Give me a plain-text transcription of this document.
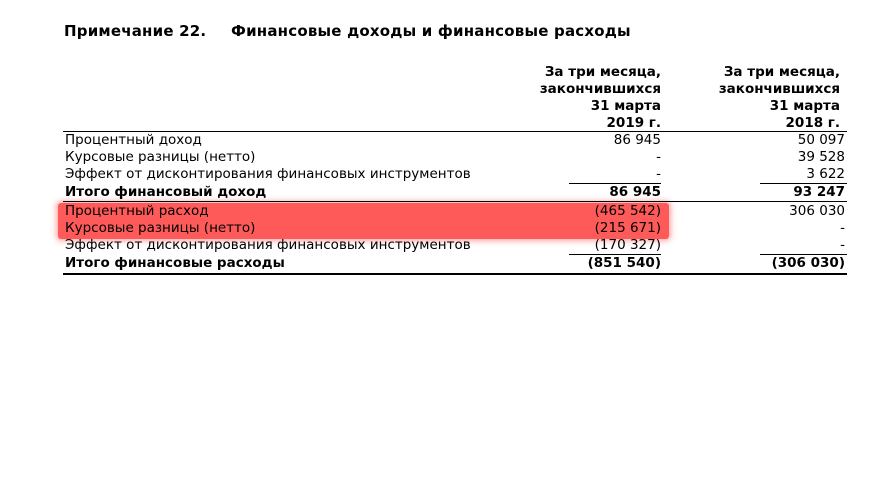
Примечание 22. Финансовые доходы и финансовые расходы
За три месяца,
закончившихся
31 марта
2019 г.
За три месяца,
закончившихся
31 марта
2018 г.
Процентный доход	86 945	50 097
Курсовые разницы (нетто)	-	39 528
Эффект от дисконтирования финансовых инструментов	-	3 622
Итого финансовый доход	86 945	93 247
Процентный расход	(465 542)	306 030
Курсовые разницы (нетто)	(215 671)	-
Эффект от дисконтирования финансовых инструментов	(170 327)	-
Итого финансовые расходы	(851 540)	(306 030)
